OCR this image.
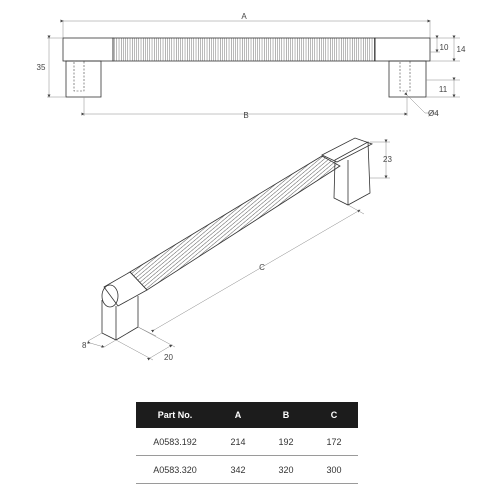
A
35
10 14
11
Ø4
B
23
C
20
8
Part No.	A	B	C
A0583.192	214	192	172
A0583.320	342	320	300
